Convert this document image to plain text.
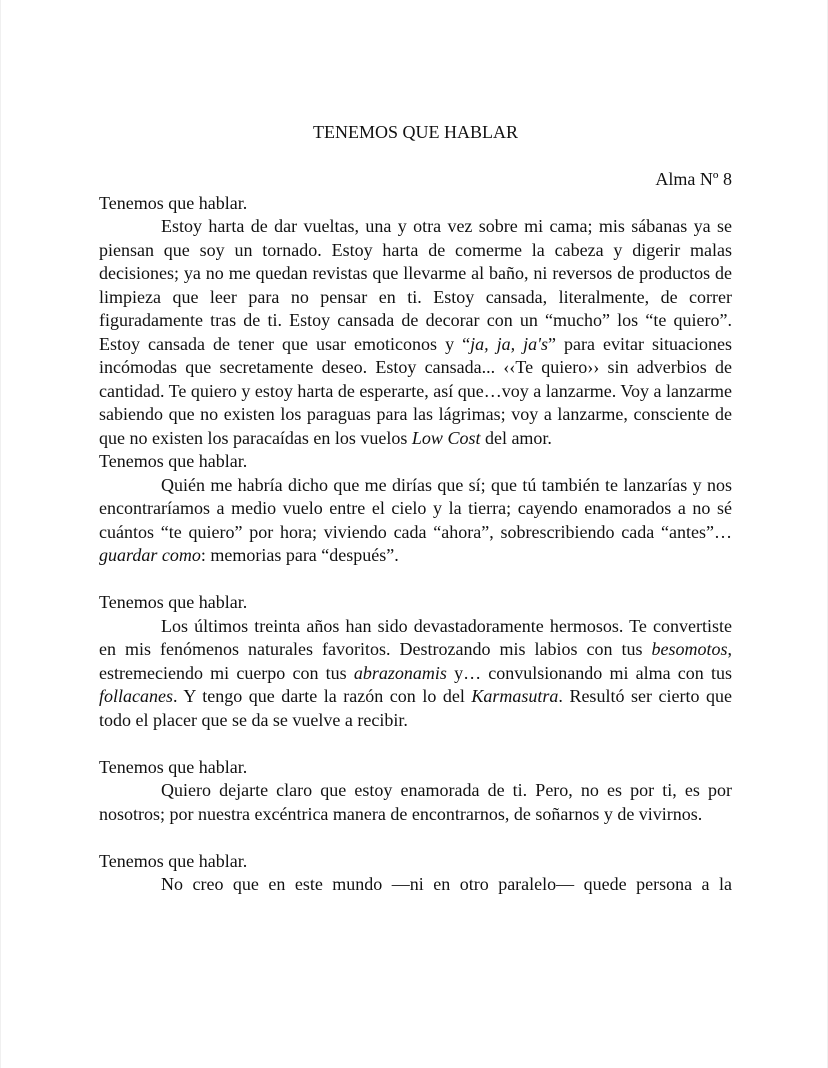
TENEMOS QUE HABLAR

Alma Nº 8

Tenemos que hablar.

Estoy harta de dar vueltas, una y otra vez sobre mi cama; mis sábanas ya se piensan que soy un tornado. Estoy harta de comerme la cabeza y digerir malas decisiones; ya no me quedan revistas que llevarme al baño, ni reversos de productos de limpieza que leer para no pensar en ti. Estoy cansada, literalmente, de correr figuradamente tras de ti. Estoy cansada de decorar con un “mucho” los “te quiero”. Estoy cansada de tener que usar emoticonos y “ja, ja, ja's” para evitar situaciones incómodas que secretamente deseo. Estoy cansada... ‹‹Te quiero›› sin adverbios de cantidad. Te quiero y estoy harta de esperarte, así que…voy a lanzarme. Voy a lanzarme sabiendo que no existen los paraguas para las lágrimas; voy a lanzarme, consciente de que no existen los paracaídas en los vuelos Low Cost del amor.

Tenemos que hablar.

Quién me habría dicho que me dirías que sí; que tú también te lanzarías y nos encontraríamos a medio vuelo entre el cielo y la tierra; cayendo enamorados a no sé cuántos “te quiero” por hora; viviendo cada “ahora”, sobrescribiendo cada “antes”…guardar como: memorias para “después”.

Tenemos que hablar.

Los últimos treinta años han sido devastadoramente hermosos. Te convertiste en mis fenómenos naturales favoritos. Destrozando mis labios con tus besomotos, estremeciendo mi cuerpo con tus abrazonamis y… convulsionando mi alma con tus follacanes. Y tengo que darte la razón con lo del Karmasutra. Resultó ser cierto que todo el placer que se da se vuelve a recibir.

Tenemos que hablar.

Quiero dejarte claro que estoy enamorada de ti. Pero, no es por ti, es por nosotros; por nuestra excéntrica manera de encontrarnos, de soñarnos y de vivirnos.

Tenemos que hablar.

No creo que en este mundo —ni en otro paralelo— quede persona a la
